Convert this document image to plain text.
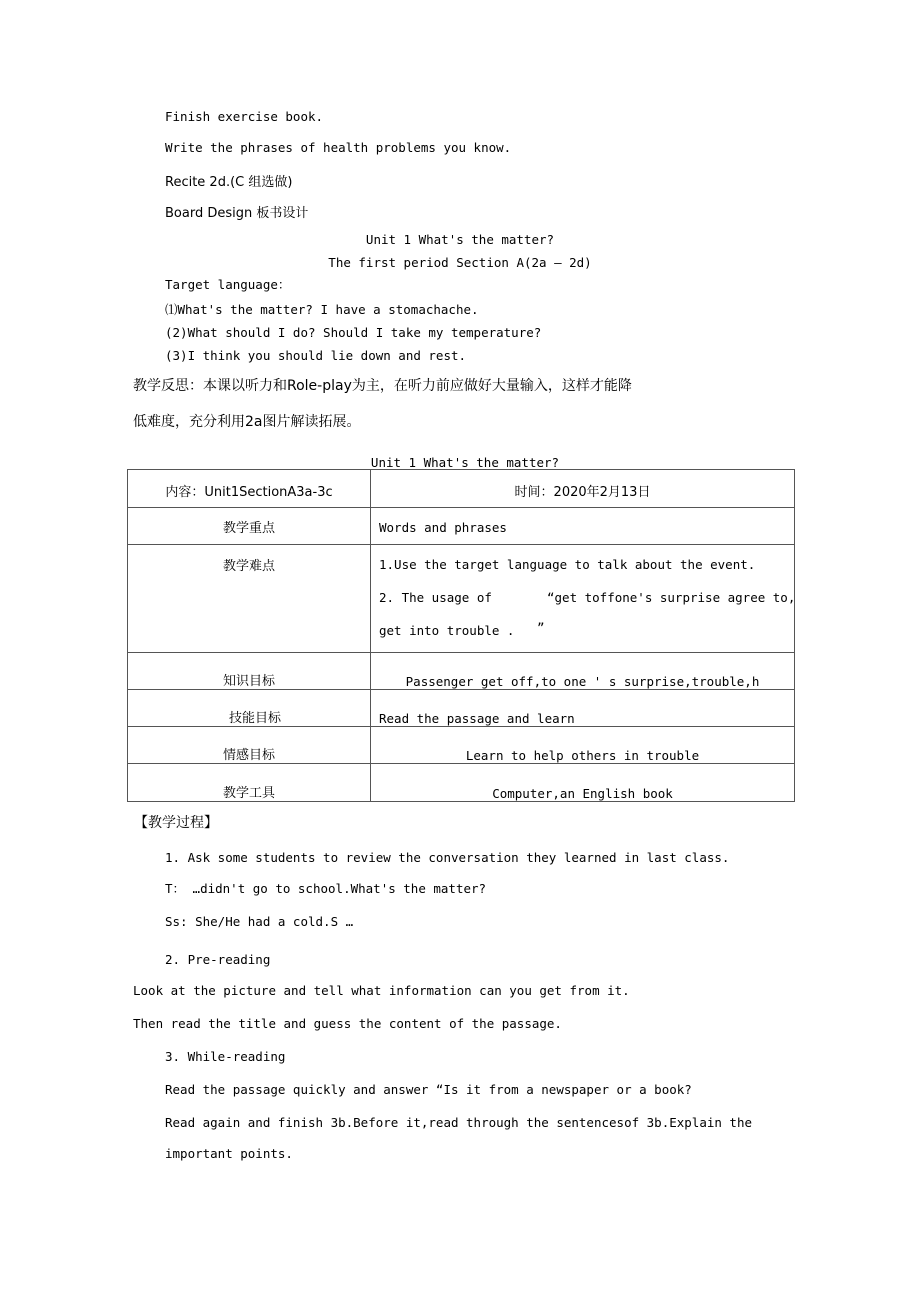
Finish exercise book.
Write the phrases of health problems you know.
Recite 2d.(C 组选做)
Board Design 板书设计
Unit 1 What's the matter?
The first period Section A(2a — 2d)
Target language：
⑴What's the matter? I have a stomachache.
(2)What should I do? Should I take my temperature?
(3)I think you should lie down and rest.
教学反思：本课以听力和Role-play为主，在听力前应做好大量输入，这样才能降
低难度，充分利用2a图片解读拓展。
Unit 1 What's the matter?
内容：Unit1SectionA3a-3c	时间：2020年2月13日

教学重点	Words and phrases

教学难点	1.Use the target language to talk about the event.
2. The usage of “get toffone's surprise agree to,
get into trouble . ”

知识目标	Passenger get off,to one ' s surprise,trouble,h

技能目标	Read the passage and learn

情感目标	Learn to help others in trouble

教学工具	Computer,an English book
【教学过程】
1. Ask some students to review the conversation they learned in last class.
T： …didn't go to school.What's the matter?
Ss: She/He had a cold.S …
2. Pre-reading
Look at the picture and tell what information can you get from it.
Then read the title and guess the content of the passage.
3. While-reading
Read the passage quickly and answer “Is it from a newspaper or a book?
Read again and finish 3b.Before it,read through the sentencesof 3b.Explain the
important points.
